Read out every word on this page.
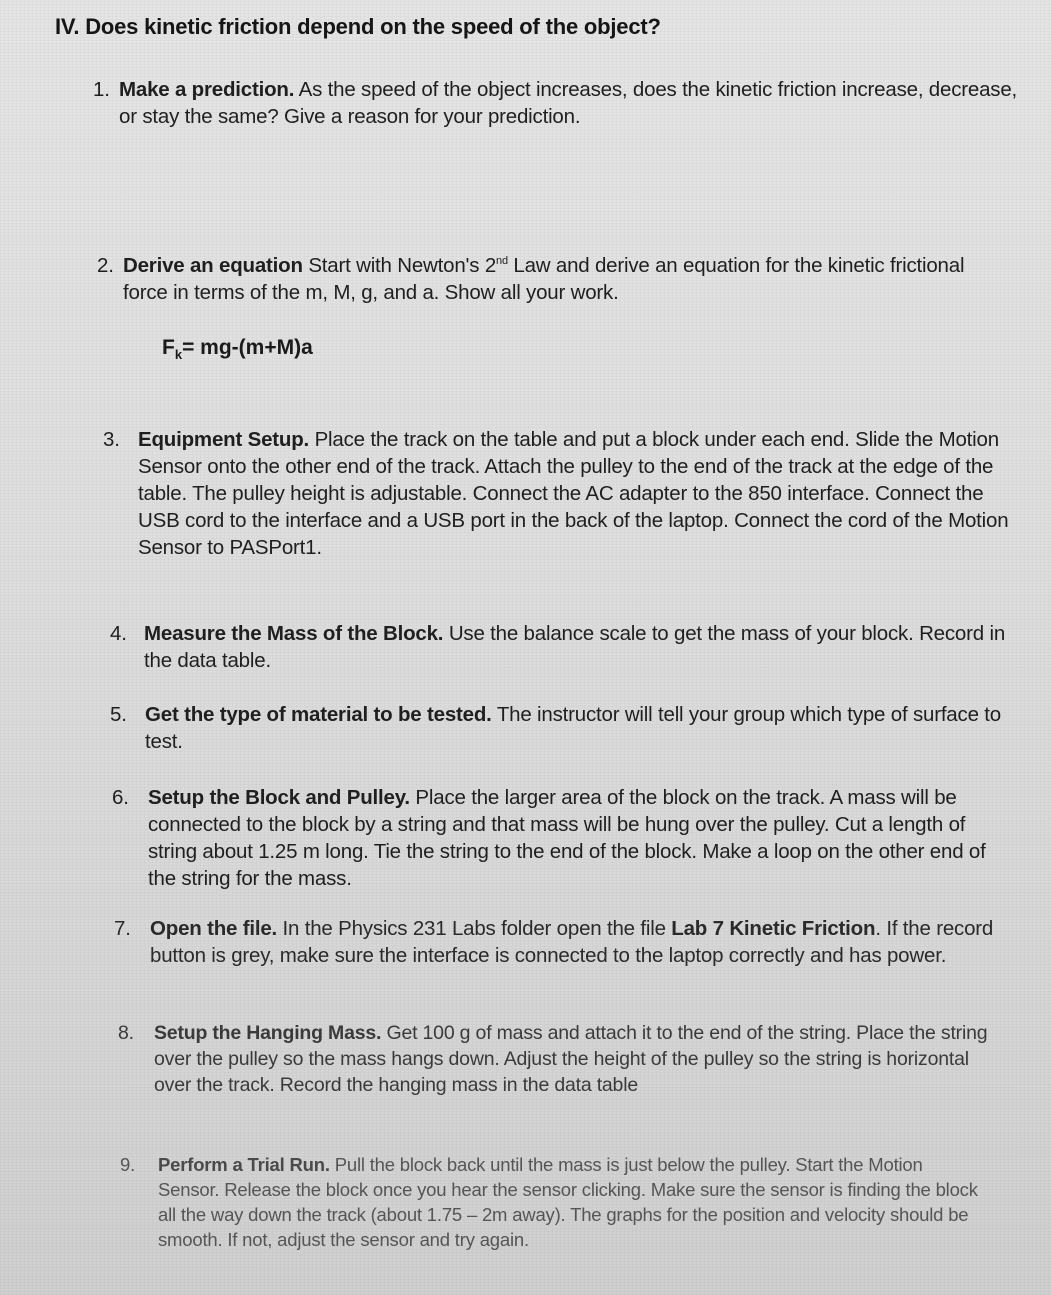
IV. Does kinetic friction depend on the speed of the object?
1. Make a prediction. As the speed of the object increases, does the kinetic friction increase, decrease, or stay the same? Give a reason for your prediction.
2. Derive an equation Start with Newton's 2nd Law and derive an equation for the kinetic frictional force in terms of the m, M, g, and a. Show all your work.
$F_k= mg-(m+M)a$
3. Equipment Setup. Place the track on the table and put a block under each end. Slide the Motion Sensor onto the other end of the track. Attach the pulley to the end of the track at the edge of the table. The pulley height is adjustable. Connect the AC adapter to the 850 interface. Connect the USB cord to the interface and a USB port in the back of the laptop. Connect the cord of the Motion Sensor to PASPort1.
4. Measure the Mass of the Block. Use the balance scale to get the mass of your block. Record in the data table.
5. Get the type of material to be tested. The instructor will tell your group which type of surface to test.
6. Setup the Block and Pulley. Place the larger area of the block on the track. A mass will be connected to the block by a string and that mass will be hung over the pulley. Cut a length of string about 1.25 m long. Tie the string to the end of the block. Make a loop on the other end of the string for the mass.
7. Open the file. In the Physics 231 Labs folder open the file Lab 7 Kinetic Friction. If the record button is grey, make sure the interface is connected to the laptop correctly and has power.
8.	Setup the Hanging Mass. Get 100 g of mass and attach it to the end of the string. Place the string over the pulley so the mass hangs down. Adjust the height of the pulley so the string is horizontal over the track. Record the hanging mass in the data table
9.	Perform a Trial Run. Pull the block back until the mass is just below the pulley. Start the Motion Sensor. Release the block once you hear the sensor clicking. Make sure the sensor is finding the block all the way down the track (about 1.75 – 2m away). The graphs for the position and velocity should be smooth. If not, adjust the sensor and try again.
